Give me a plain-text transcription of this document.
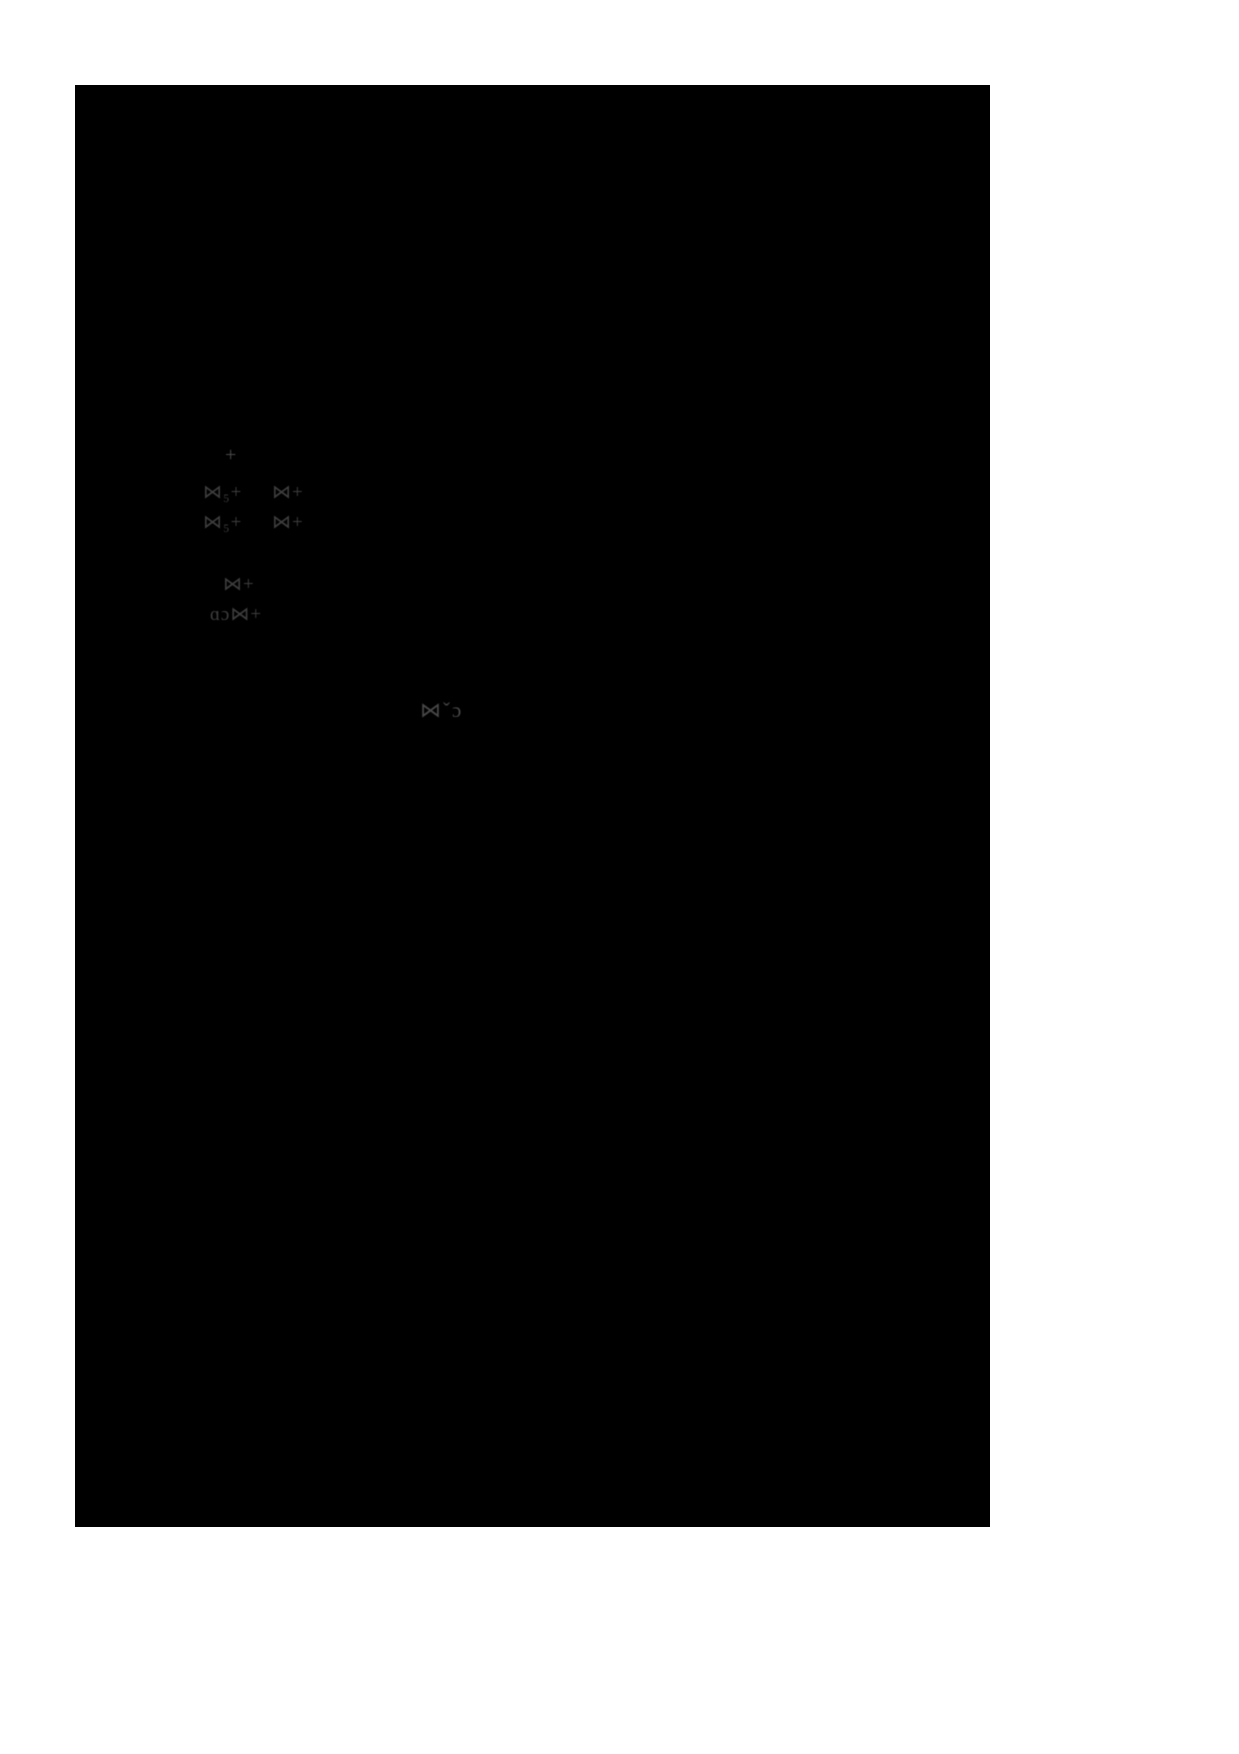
+
⋈₅+ ⋈+
⋈₅+ ⋈+
⋈+
ɑɔ⋈+
⋈ˇɔ
